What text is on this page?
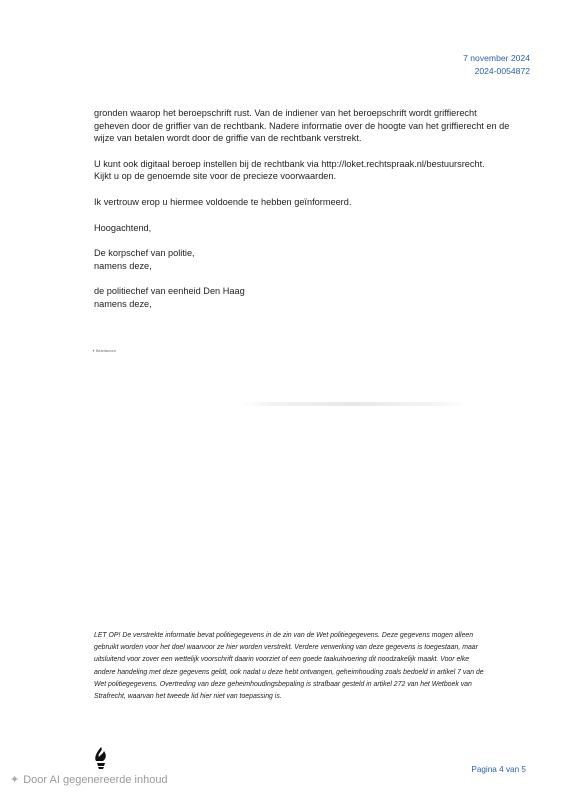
7 november 2024
2024-0054872

gronden waarop het beroepschrift rust. Van de indiener van het beroepschrift wordt griffierecht
geheven door de griffier van de rechtbank. Nadere informatie over de hoogte van het griffierecht en de
wijze van betalen wordt door de griffie van de rechtbank verstrekt.

U kunt ook digitaal beroep instellen bij de rechtbank via http://loket.rechtspraak.nl/bestuursrecht.
Kijkt u op de genoemde site voor de precieze voorwaarden.

Ik vertrouw erop u hiermee voldoende te hebben geïnformeerd.

Hoogachtend,

De korpschef van politie,
namens deze,

de politiechef van eenheid Den Haag
namens deze,

✝ Beantwoord
LET OP! De verstrekte informatie bevat politiegegevens in de zin van de Wet politiegegevens. Deze gegevens mogen alleen
gebruikt worden voor het doel waarvoor ze hier worden verstrekt. Verdere verwerking van deze gegevens is toegestaan, maar
uitsluitend voor zover een wettelijk voorschrift daarin voorziet of een goede taakuitvoering dit noodzakelijk maakt. Voor elke
andere handeling met deze gegevens geldt, ook nadat u deze hebt ontvangen, geheimhouding zoals bedoeld in artikel 7 van de
Wet politiegegevens. Overtreding van deze geheimhoudingsbepaling is strafbaar gesteld in artikel 272 van het Wetboek van
Strafrecht, waarvan het tweede lid hier niet van toepassing is.
✦ Door AI gegenereerde inhoud
Pagina 4 van 5
